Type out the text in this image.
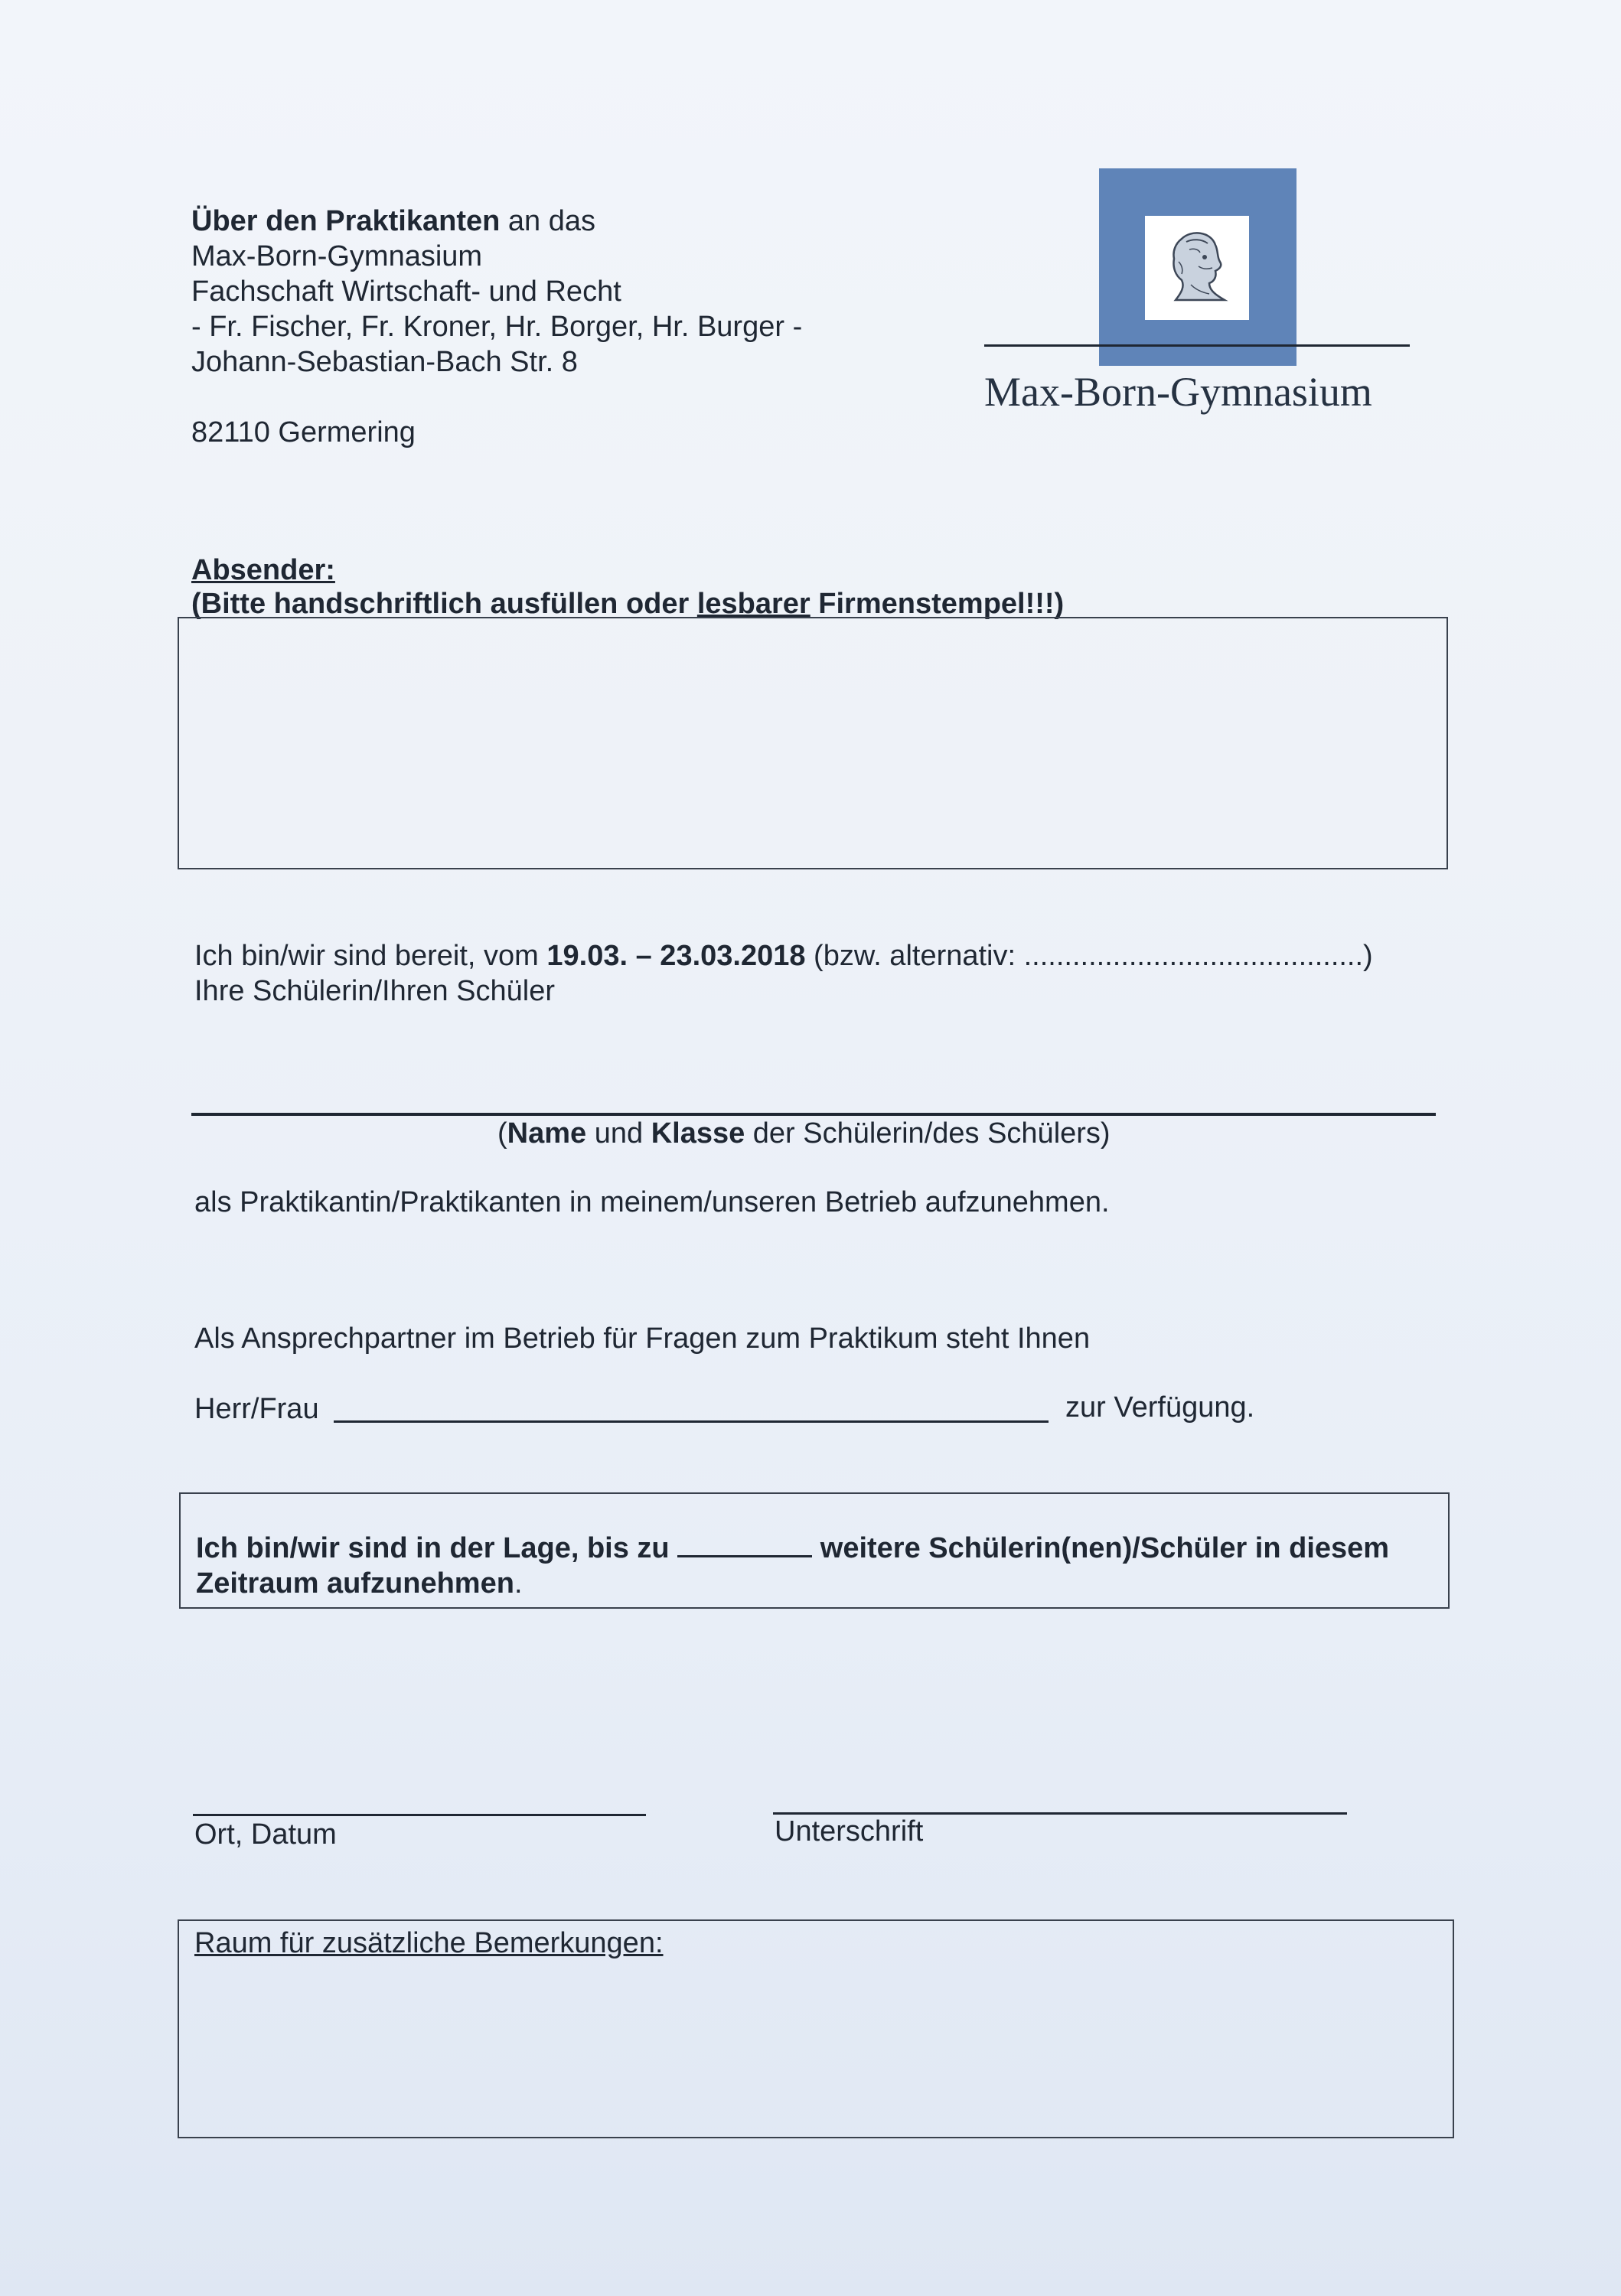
Über den Praktikanten an das
Max-Born-Gymnasium
Fachschaft Wirtschaft- und Recht
- Fr. Fischer, Fr. Kroner, Hr. Borger, Hr. Burger -
Johann-Sebastian-Bach Str. 8
82110 Germering
Max-Born-Gymnasium
Absender:
(Bitte handschriftlich ausfüllen oder lesbarer Firmenstempel!!!)
Ich bin/wir sind bereit, vom 19.03. – 23.03.2018 (bzw. alternativ: ..........................................)
Ihre Schülerin/Ihren Schüler
(Name und Klasse der Schülerin/des Schülers)
als Praktikantin/Praktikanten in meinem/unseren Betrieb aufzunehmen.
Als Ansprechpartner im Betrieb für Fragen zum Praktikum steht Ihnen
Herr/Frau	zur Verfügung.
Ich bin/wir sind in der Lage, bis zu	weitere Schülerin(nen)/Schüler in diesem
Zeitraum aufzunehmen.
Ort, Datum	Unterschrift
Raum für zusätzliche Bemerkungen:
